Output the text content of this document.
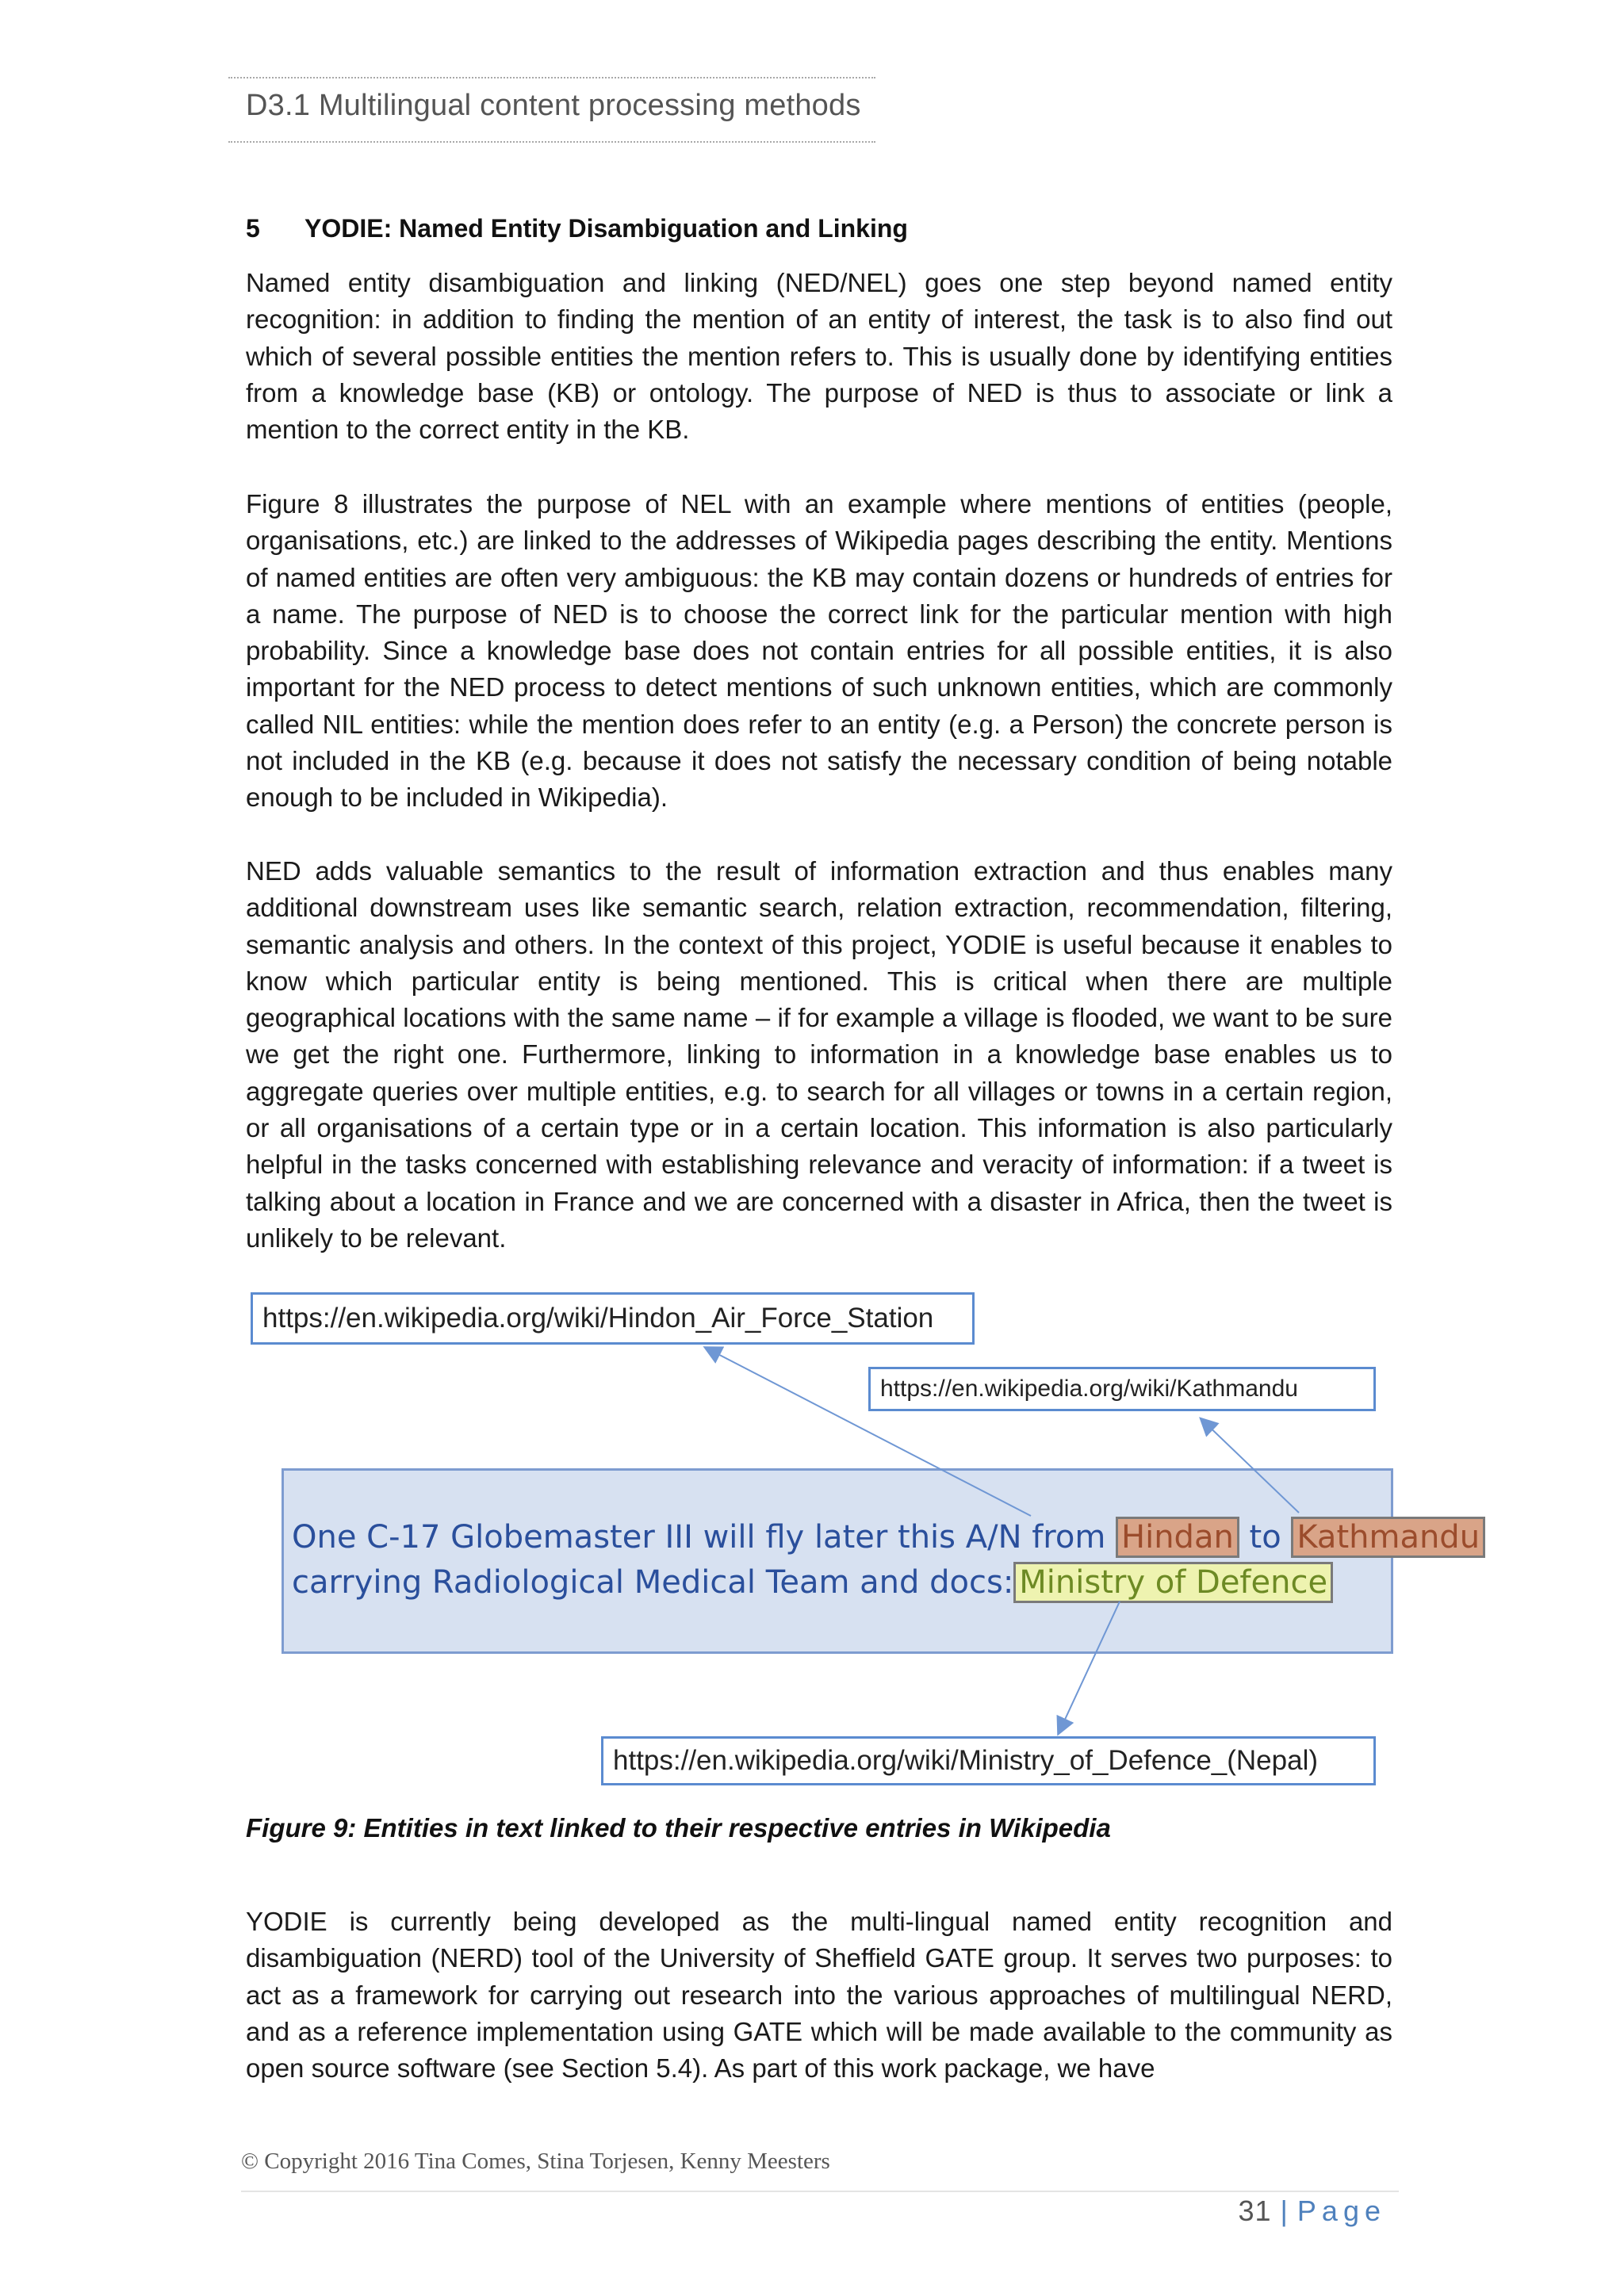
D3.1 Multilingual content processing methods
5 YODIE: Named Entity Disambiguation and Linking

Named entity disambiguation and linking (NED/NEL) goes one step beyond named entity recognition: in addition to finding the mention of an entity of interest, the task is to also find out which of several possible entities the mention refers to. This is usually done by identifying entities from a knowledge base (KB) or ontology. The purpose of NED is thus to associate or link a mention to the correct entity in the KB.

Figure 8 illustrates the purpose of NEL with an example where mentions of entities (people, organisations, etc.) are linked to the addresses of Wikipedia pages describing the entity. Mentions of named entities are often very ambiguous: the KB may contain dozens or hundreds of entries for a name. The purpose of NED is to choose the correct link for the particular mention with high probability. Since a knowledge base does not contain entries for all possible entities, it is also important for the NED process to detect mentions of such unknown entities, which are commonly called NIL entities: while the mention does refer to an entity (e.g. a Person) the concrete person is not included in the KB (e.g. because it does not satisfy the necessary condition of being notable enough to be included in Wikipedia).

NED adds valuable semantics to the result of information extraction and thus enables many additional downstream uses like semantic search, relation extraction, recommendation, filtering, semantic analysis and others. In the context of this project, YODIE is useful because it enables to know which particular entity is being mentioned. This is critical when there are multiple geographical locations with the same name – if for example a village is flooded, we want to be sure we get the right one. Furthermore, linking to information in a knowledge base enables us to aggregate queries over multiple entities, e.g. to search for all villages or towns in a certain region, or all organisations of a certain type or in a certain location. This information is also particularly helpful in the tasks concerned with establishing relevance and veracity of information: if a tweet is talking about a location in France and we are concerned with a disaster in Africa, then the tweet is unlikely to be relevant.

https://en.wikipedia.org/wiki/Hindon_Air_Force_Station
https://en.wikipedia.org/wiki/Kathmandu
One C-17 Globemaster III will fly later this A/N from Hindan to Kathmandu
carrying Radiological Medical Team and docs: Ministry of Defence
https://en.wikipedia.org/wiki/Ministry_of_Defence_(Nepal)
Figure 9: Entities in text linked to their respective entries in Wikipedia

YODIE is currently being developed as the multi-lingual named entity recognition and disambiguation (NERD) tool of the University of Sheffield GATE group. It serves two purposes: to act as a framework for carrying out research into the various approaches of multilingual NERD, and as a reference implementation using GATE which will be made available to the community as open source software (see Section 5.4). As part of this work package, we have

© Copyright 2016 Tina Comes, Stina Torjesen, Kenny Meesters
31 | Page
